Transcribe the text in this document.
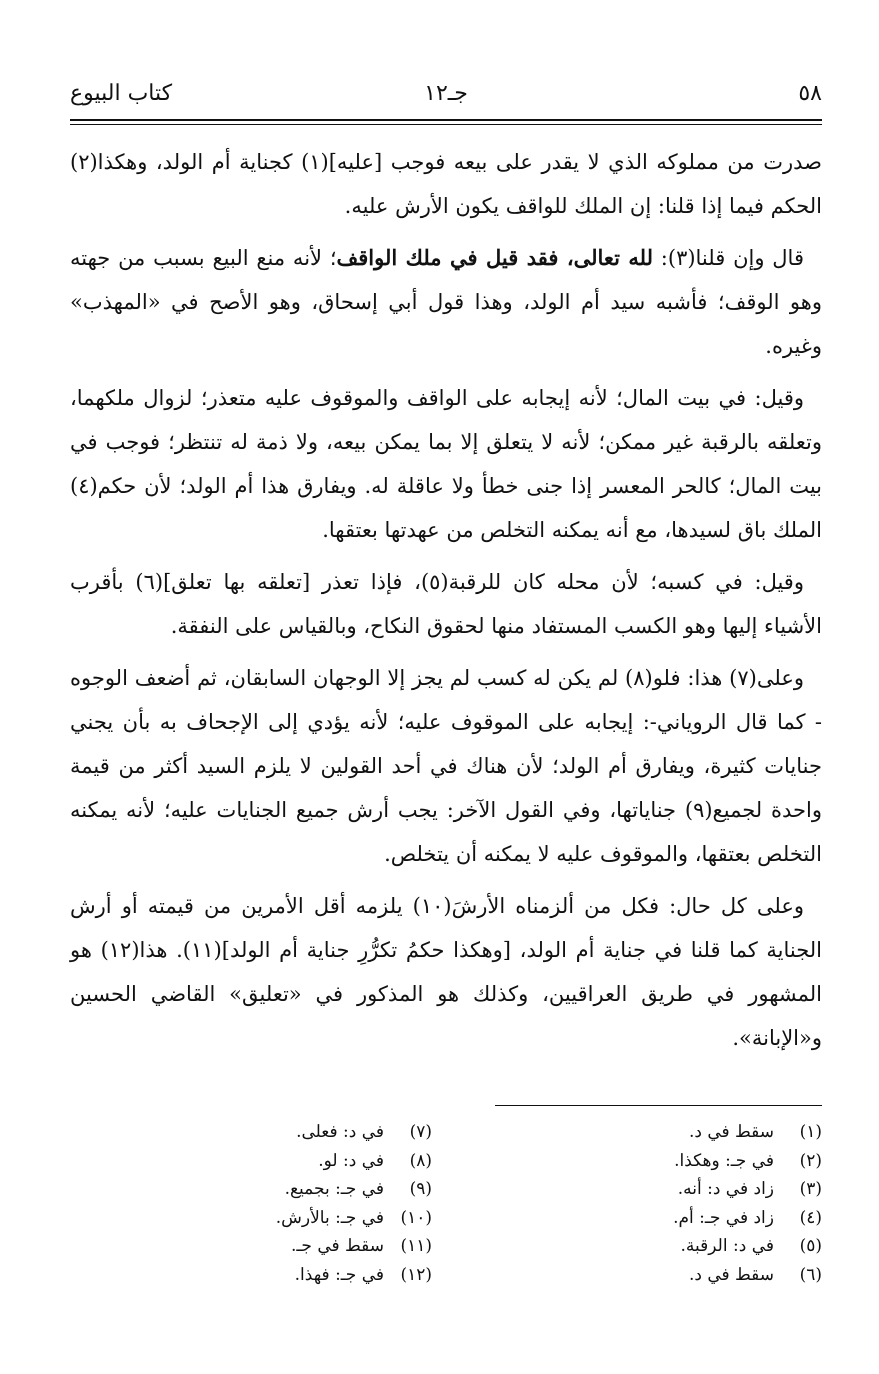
٥٨
جـ١٢
كتاب البيوع

صدرت من مملوكه الذي لا يقدر على بيعه فوجب [عليه](١) كجناية أم الولد، وهكذا(٢) الحكم فيما إذا قلنا: إن الملك للواقف يكون الأرش عليه.

قال وإن قلنا(٣): لله تعالى، فقد قيل في ملك الواقف؛ لأنه منع البيع بسبب من جهته وهو الوقف؛ فأشبه سيد أم الولد، وهذا قول أبي إسحاق، وهو الأصح في «المهذب» وغيره.

وقيل: في بيت المال؛ لأنه إيجابه على الواقف والموقوف عليه متعذر؛ لزوال ملكهما، وتعلقه بالرقبة غير ممكن؛ لأنه لا يتعلق إلا بما يمكن بيعه، ولا ذمة له تنتظر؛ فوجب في بيت المال؛ كالحر المعسر إذا جنى خطأ ولا عاقلة له. ويفارق هذا أم الولد؛ لأن حكم(٤) الملك باق لسيدها، مع أنه يمكنه التخلص من عهدتها بعتقها.

وقيل: في كسبه؛ لأن محله كان للرقبة(٥)، فإذا تعذر [تعلقه بها تعلق](٦) بأقرب الأشياء إليها وهو الكسب المستفاد منها لحقوق النكاح، وبالقياس على النفقة.

وعلى(٧) هذا: فلو(٨) لم يكن له كسب لم يجز إلا الوجهان السابقان، ثم أضعف الوجوه - كما قال الروياني-: إيجابه على الموقوف عليه؛ لأنه يؤدي إلى الإجحاف به بأن يجني جنايات كثيرة، ويفارق أم الولد؛ لأن هناك في أحد القولين لا يلزم السيد أكثر من قيمة واحدة لجميع(٩) جناياتها، وفي القول الآخر: يجب أرش جميع الجنايات عليه؛ لأنه يمكنه التخلص بعتقها، والموقوف عليه لا يمكنه أن يتخلص.

وعلى كل حال: فكل من ألزمناه الأرشَ(١٠) يلزمه أقل الأمرين من قيمته أو أرش الجناية كما قلنا في جناية أم الولد، [وهكذا حكمُ تكرُّرِ جناية أم الولد](١١). هذا(١٢) هو المشهور في طريق العراقيين، وكذلك هو المذكور في «تعليق» القاضي الحسين و«الإبانة».

(١)سقط في د.
(٢)في جـ: وهكذا.
(٣)زاد في د: أنه.
(٤)زاد في جـ: أم.
(٥)في د: الرقبة.
(٦)سقط في د.
(٧)في د: فعلى.
(٨)في د: لو.
(٩)في جـ: بجميع.
(١٠)في جـ: بالأرش.
(١١)سقط في جـ.
(١٢)في جـ: فهذا.
